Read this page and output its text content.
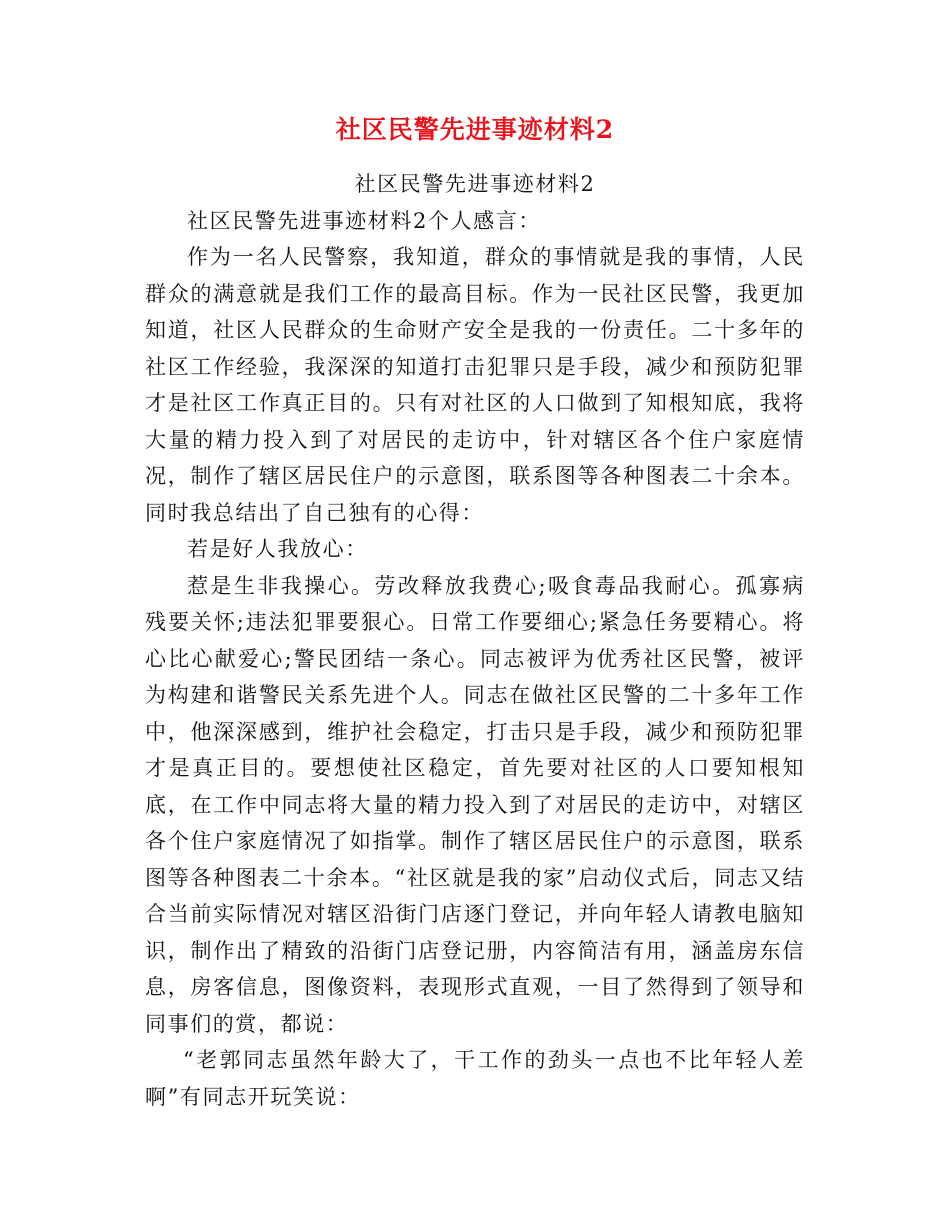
社区民警先进事迹材料2

社区民警先进事迹材料2

社区民警先进事迹材料2个人感言：

作为一名人民警察，我知道，群众的事情就是我的事情，人民群众的满意就是我们工作的最高目标。作为一民社区民警，我更加知道，社区人民群众的生命财产安全是我的一份责任。二十多年的社区工作经验，我深深的知道打击犯罪只是手段，减少和预防犯罪才是社区工作真正目的。只有对社区的人口做到了知根知底，我将大量的精力投入到了对居民的走访中，针对辖区各个住户家庭情况，制作了辖区居民住户的示意图，联系图等各种图表二十余本。同时我总结出了自己独有的心得：

若是好人我放心：

惹是生非我操心。劳改释放我费心;吸食毒品我耐心。孤寡病残要关怀;违法犯罪要狠心。日常工作要细心;紧急任务要精心。将心比心献爱心;警民团结一条心。同志被评为优秀社区民警，被评为构建和谐警民关系先进个人。同志在做社区民警的二十多年工作中，他深深感到，维护社会稳定，打击只是手段，减少和预防犯罪才是真正目的。要想使社区稳定，首先要对社区的人口要知根知底，在工作中同志将大量的精力投入到了对居民的走访中，对辖区各个住户家庭情况了如指掌。制作了辖区居民住户的示意图，联系图等各种图表二十余本。“社区就是我的家”启动仪式后，同志又结合当前实际情况对辖区沿街门店逐门登记，并向年轻人请教电脑知识，制作出了精致的沿街门店登记册，内容简洁有用，涵盖房东信息，房客信息，图像资料，表现形式直观，一目了然得到了领导和同事们的赏，都说：

“老郭同志虽然年龄大了，干工作的劲头一点也不比年轻人差啊”有同志开玩笑说：
